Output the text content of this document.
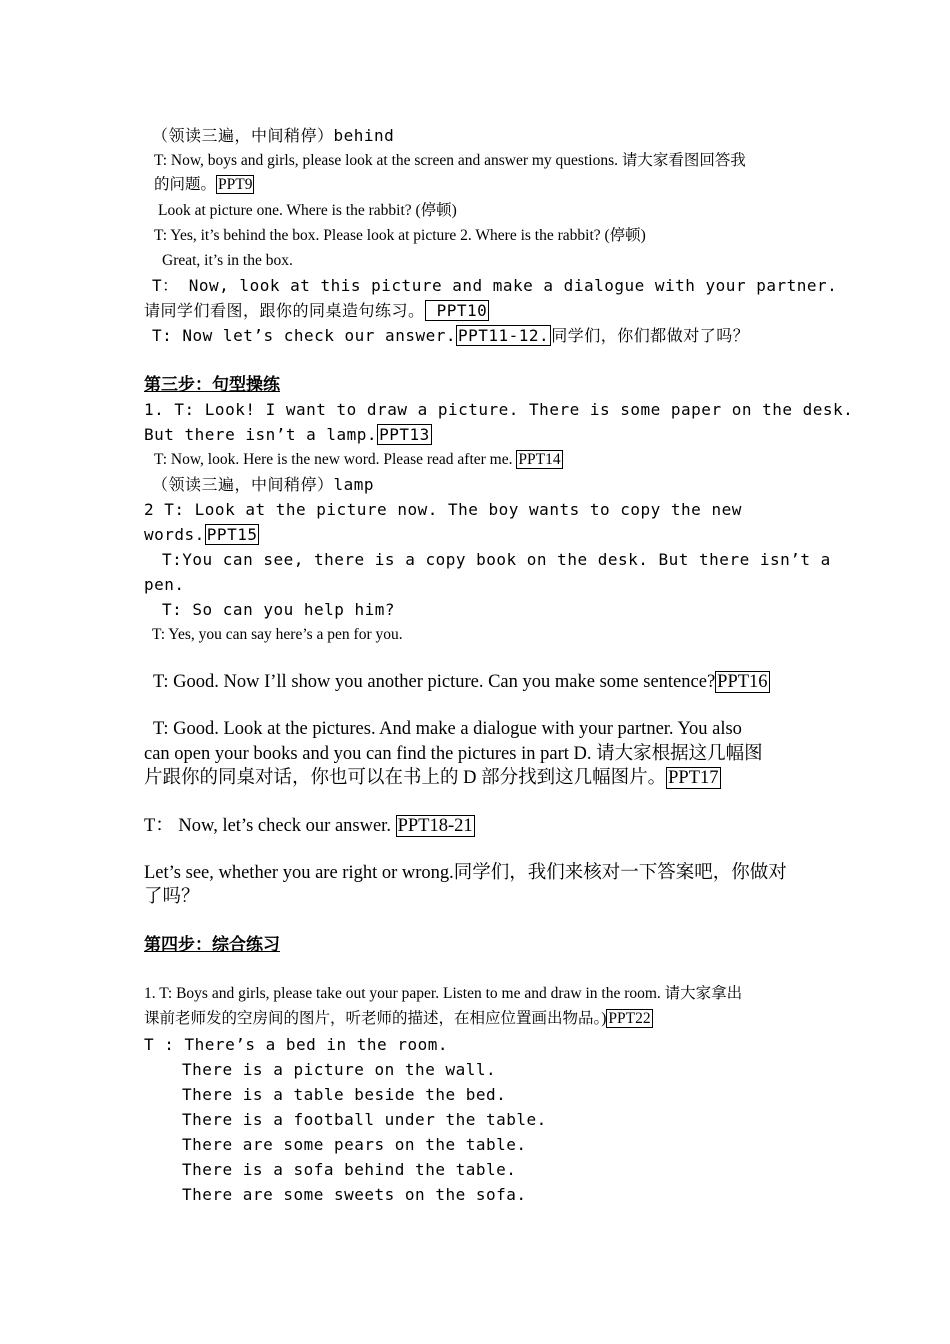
（领读三遍，中间稍停）behind
T: Now, boys and girls, please look at the screen and answer my questions. 请大家看图回答我
的问题。 PPT9
Look at picture one. Where is the rabbit? (停顿)
T: Yes, it’s behind the box. Please look at picture 2. Where is the rabbit? (停顿)
Great, it’s in the box.
T： Now, look at this picture and make a dialogue with your partner.
请同学们看图，跟你的同桌造句练习。 PPT10
T: Now let’s check our answer. PPT11-12. 同学们，你们都做对了吗？
第三步：句型操练
1. T: Look! I want to draw a picture. There is some paper on the desk.
But there isn’t a lamp. PPT13
T: Now, look. Here is the new word. Please read after me. PPT14
（领读三遍，中间稍停）lamp
2 T: Look at the picture now. The boy wants to copy the new
words. PPT15
T:You can see, there is a copy book on the desk. But there isn’t a
pen.
T: So can you help him?
T: Yes, you can say here’s a pen for you.
T: Good. Now I’ll show you another picture. Can you make some sentence? PPT16
T: Good. Look at the pictures. And make a dialogue with your partner. You also
can open your books and you can find the pictures in part D. 请大家根据这几幅图
片跟你的同桌对话，你也可以在书上的 D 部分找到这几幅图片。 PPT17
T： Now, let’s check our answer. PPT18-21
Let’s see, whether you are right or wrong.同学们，我们来核对一下答案吧，你做对
了吗？
第四步：综合练习
1. T: Boys and girls, please take out your paper. Listen to me and draw in the room. 请大家拿出
课前老师发的空房间的图片，听老师的描述，在相应位置画出物品。) PPT22
T : There’s a bed in the room.
There is a picture on the wall.
There is a table beside the bed.
There is a football under the table.
There are some pears on the table.
There is a sofa behind the table.
There are some sweets on the sofa.
